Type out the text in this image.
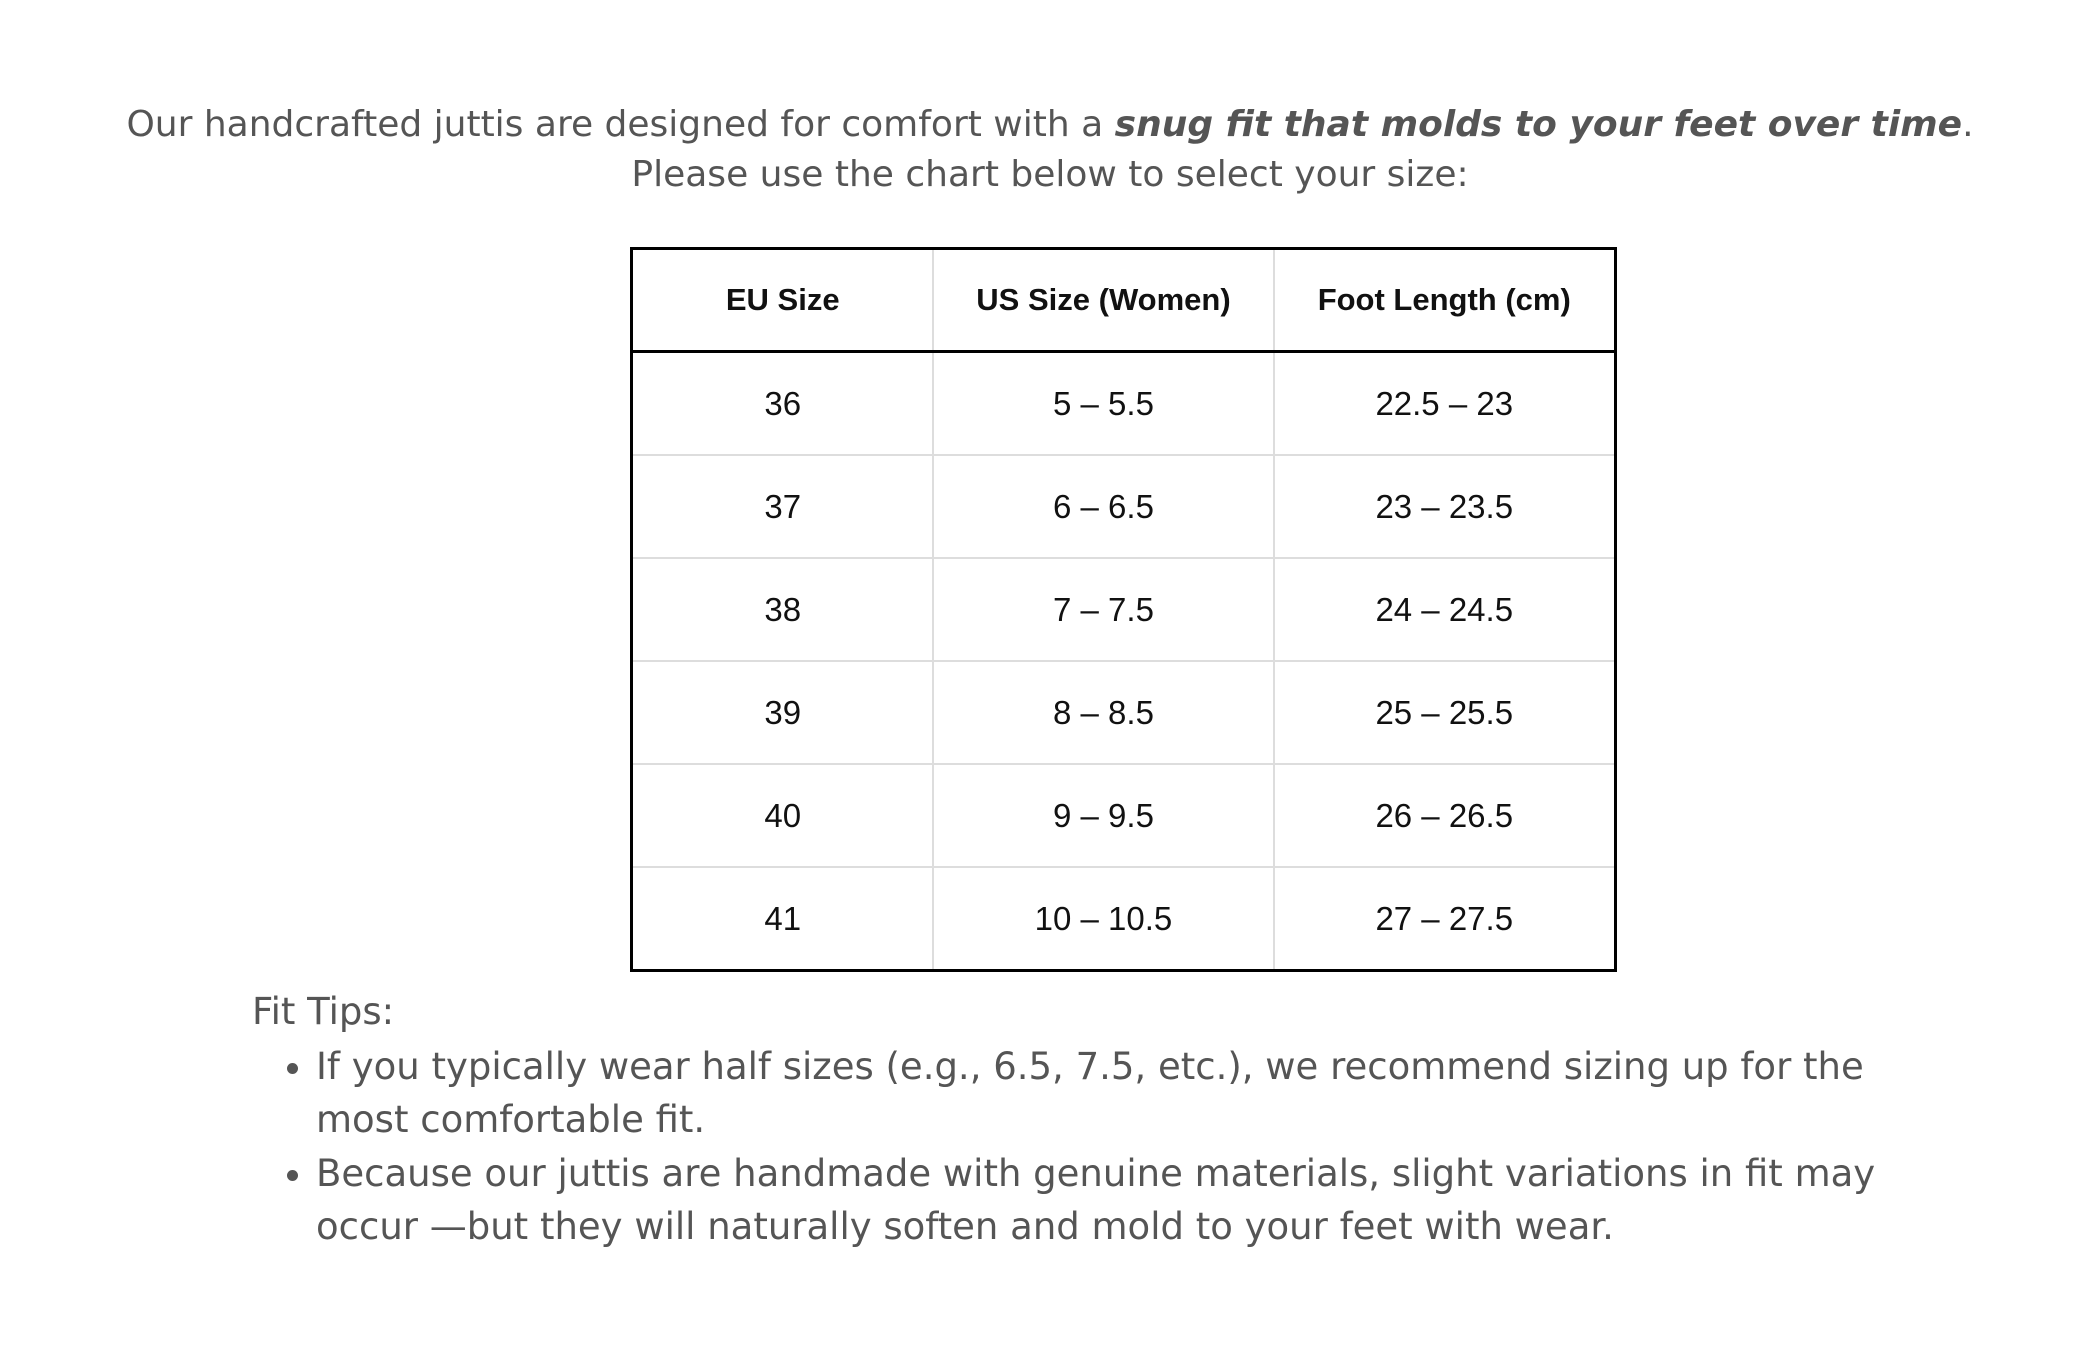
Our handcrafted juttis are designed for comfort with a snug fit that molds to your feet over time.
Please use the chart below to select your size:
EU Size	US Size (Women)	Foot Length (cm)
36	5 – 5.5	22.5 – 23
37	6 – 6.5	23 – 23.5
38	7 – 7.5	24 – 24.5
39	8 – 8.5	25 – 25.5
40	9 – 9.5	26 – 26.5
41	10 – 10.5	27 – 27.5
Fit Tips:
• If you typically wear half sizes (e.g., 6.5, 7.5, etc.), we recommend sizing up for the most comfortable fit.
• Because our juttis are handmade with genuine materials, slight variations in fit may occur —but they will naturally soften and mold to your feet with wear.
